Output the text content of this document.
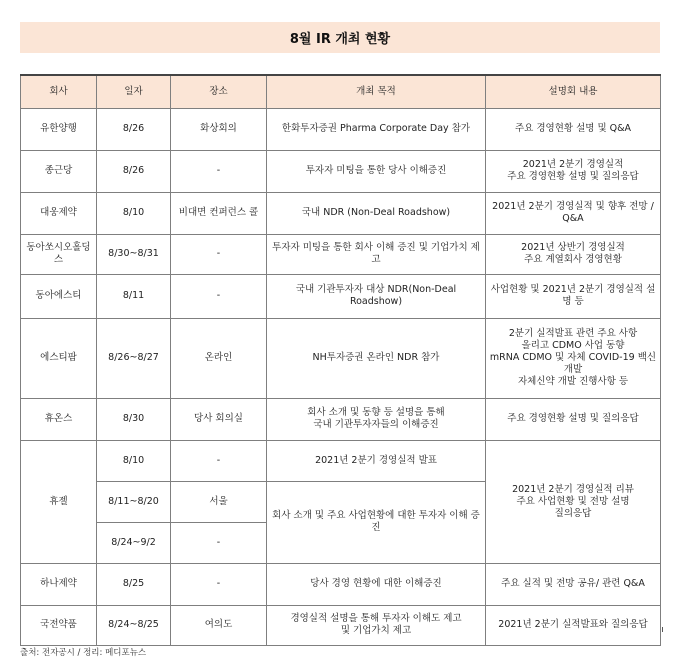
8월 IR 개최 현황
회사	일자	장소	개최 목적	설명회 내용
유한양행	8/26	화상회의	한화투자증권 Pharma Corporate Day 참가	주요 경영현황 설명 및 Q&A
종근당	8/26	-	투자자 미팅을 통한 당사 이해증진	2021년 2분기 경영실적
주요 경영현황 설명 및 질의응답
대웅제약	8/10	비대면 컨퍼런스 콜	국내 NDR (Non-Deal Roadshow)	2021년 2분기 경영실적 및 향후 전망 / Q&A
동아쏘시오홀딩스	8/30~8/31	-	투자자 미팅을 통한 회사 이해 증진 및 기업가치 제고	2021년 상반기 경영실적
주요 계열회사 경영현황
동아에스티	8/11	-	국내 기관투자자 대상 NDR(Non-Deal Roadshow)	사업현황 및 2021년 2분기 경영실적 설명 등
에스티팜	8/26~8/27	온라인	NH투자증권 온라인 NDR 참가	2분기 실적발표 관련 주요 사항
올리고 CDMO 사업 동향
mRNA CDMO 및 자체 COVID-19 백신 개발
자체신약 개발 진행사항 등
휴온스	8/30	당사 회의실	회사 소개 및 동향 등 설명을 통해
국내 기관투자자들의 이해증진	주요 경영현황 설명 및 질의응답
휴젤	8/10	-	2021년 2분기 경영실적 발표	2021년 2분기 경영실적 리뷰
주요 사업현황 및 전망 설명
질의응답
	8/11~8/20	서울	회사 소개 및 주요 사업현황에 대한 투자자 이해 증진	
	8/24~9/2	-		
하나제약	8/25	-	당사 경영 현황에 대한 이해증진	주요 실적 및 전망 공유/ 관련 Q&A
국전약품	8/24~8/25	여의도	경영실적 설명을 통해 투자자 이해도 제고
및 기업가치 제고	2021년 2분기 실적발표와 질의응답
출처: 전자공시 / 정리: 메디포뉴스
